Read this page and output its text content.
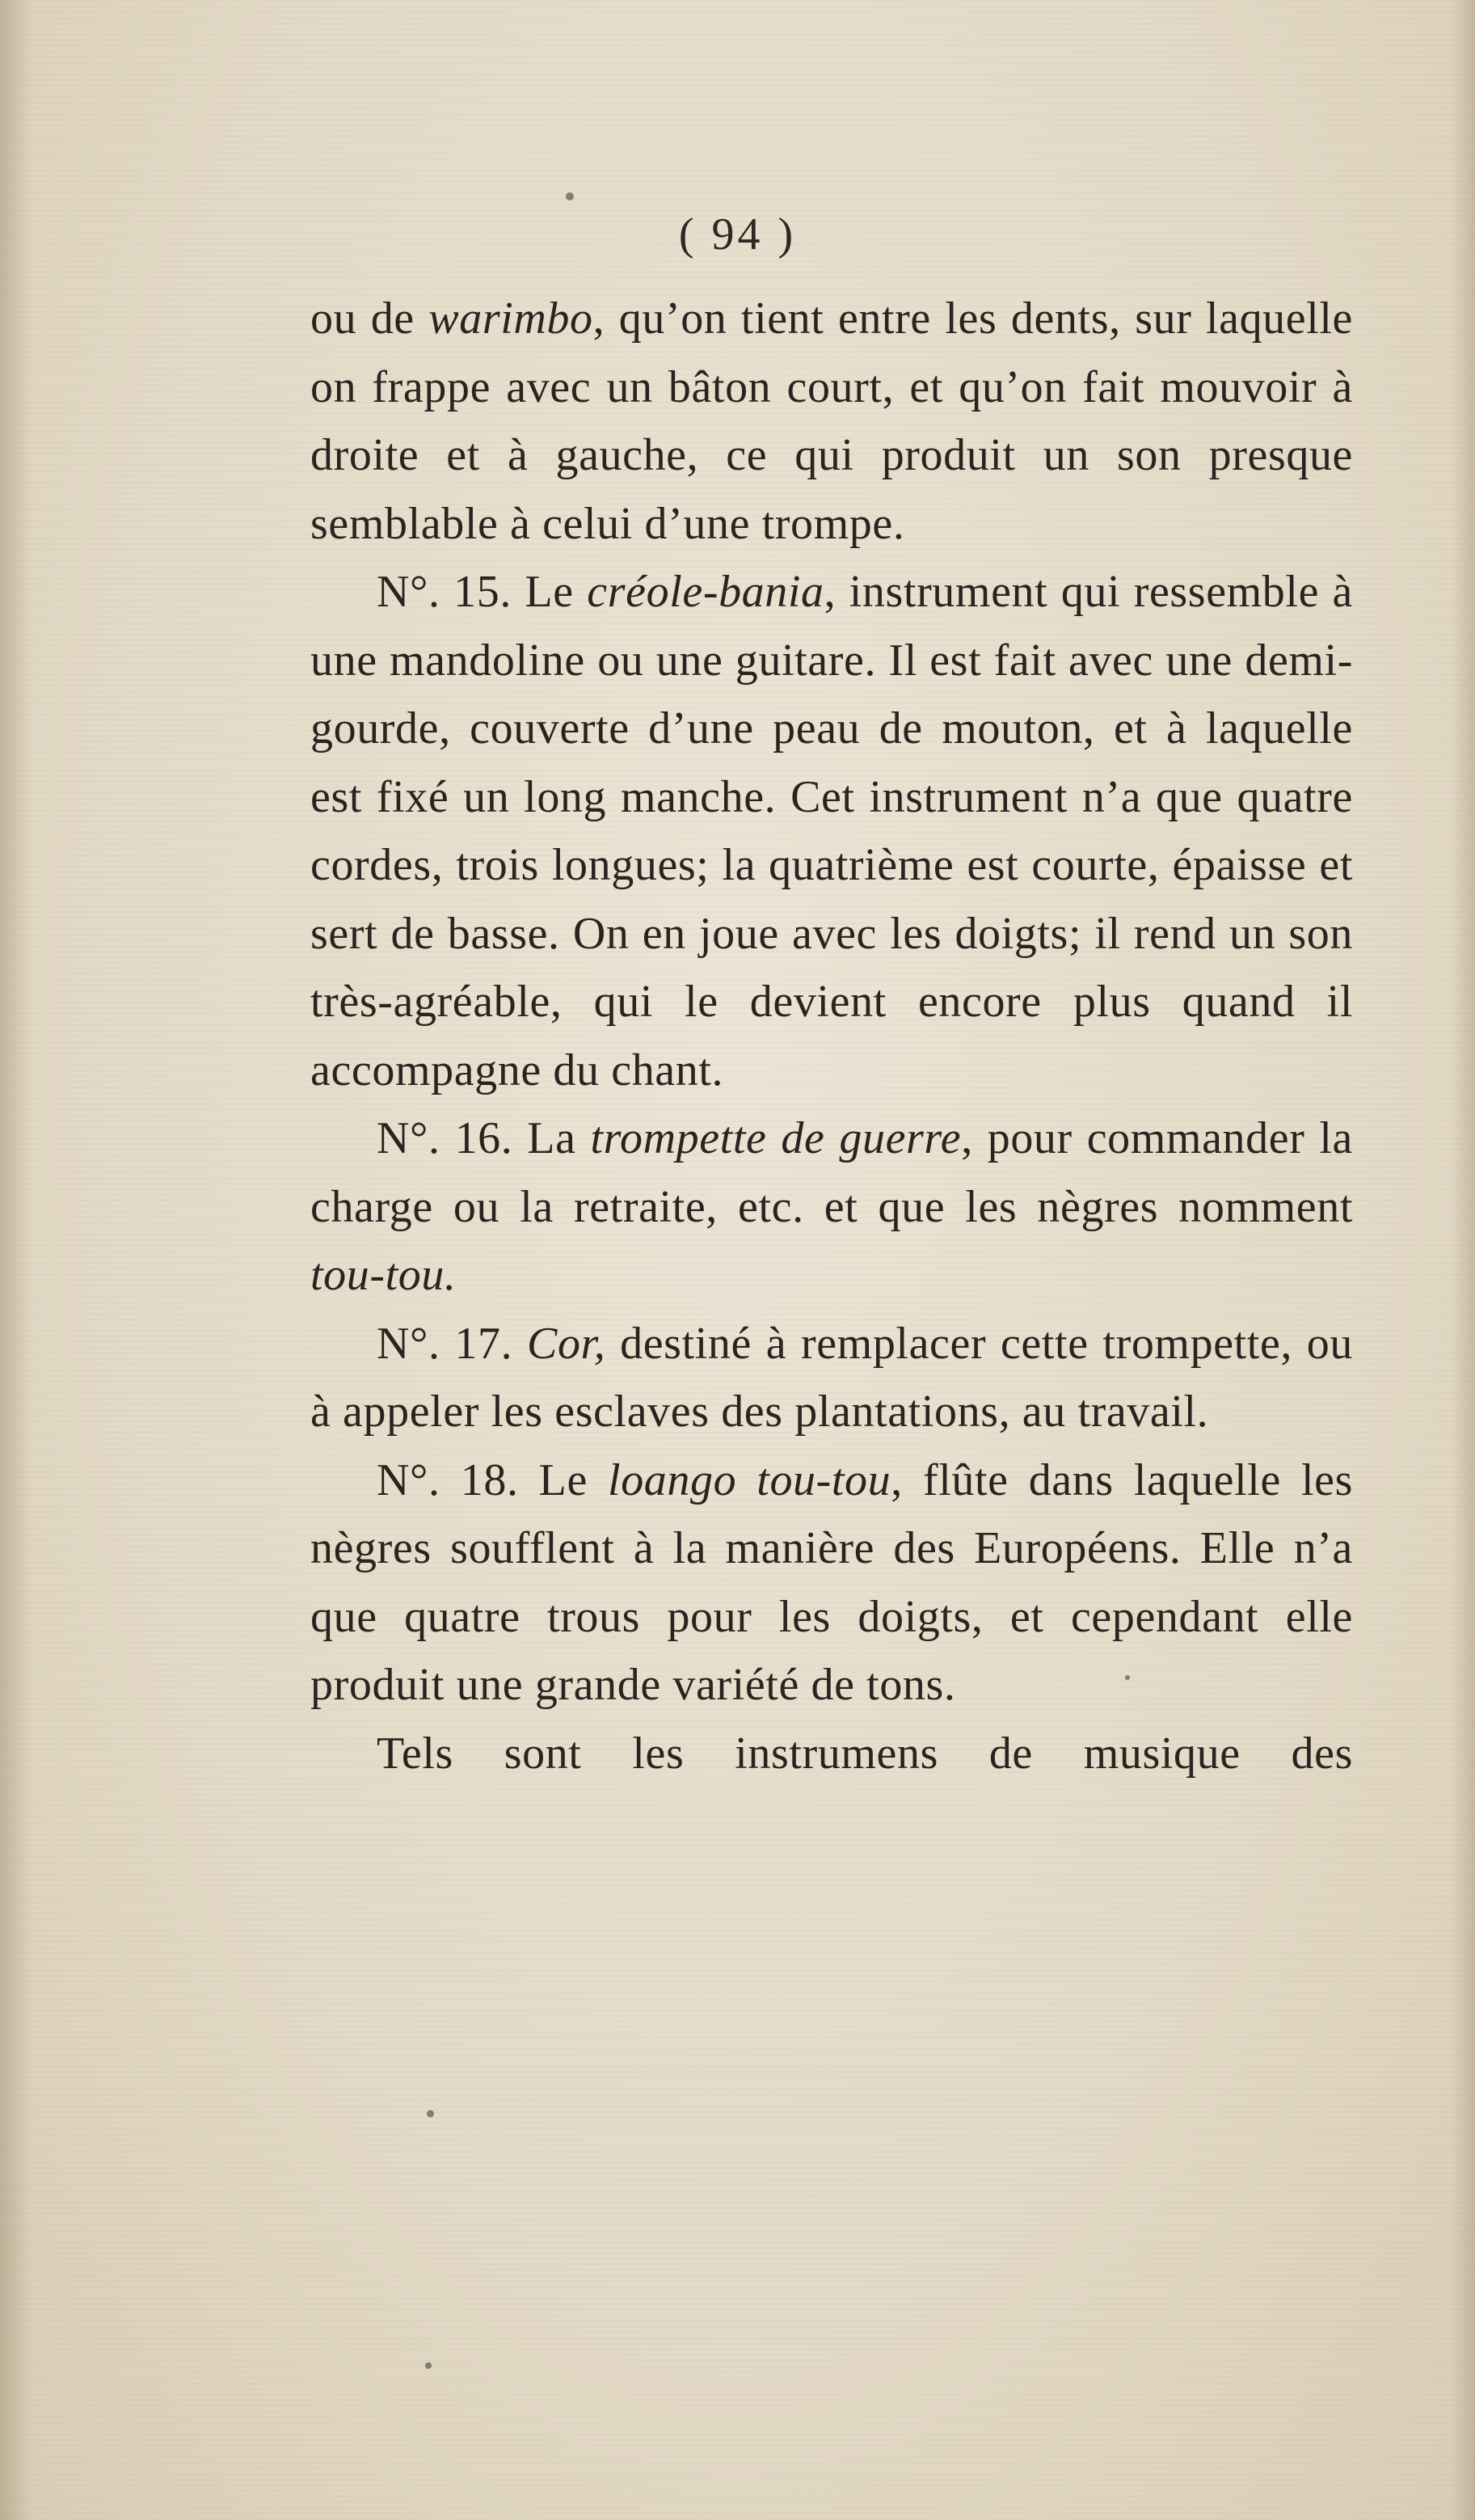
( 94 )

ou de warimbo, qu’on tient entre les dents, sur laquelle on frappe avec un bâton court, et qu’on fait mouvoir à droite et à gauche, ce qui produit un son presque semblable à celui d’une trompe.

N°. 15. Le créole-bania, instrument qui ressemble à une mandoline ou une guitare. Il est fait avec une demi-gourde, couverte d’une peau de mouton, et à laquelle est fixé un long manche. Cet instrument n’a que quatre cordes, trois longues; la quatrième est courte, épaisse et sert de basse. On en joue avec les doigts; il rend un son très-agréable, qui le devient encore plus quand il accompagne du chant.

N°. 16. La trompette de guerre, pour commander la charge ou la retraite, etc. et que les nègres nomment tou-tou.

N°. 17. Cor, destiné à remplacer cette trompette, ou à appeler les esclaves des plantations, au travail.

N°. 18. Le loango tou-tou, flûte dans laquelle les nègres soufflent à la manière des Européens. Elle n’a que quatre trous pour les doigts, et cependant elle produit une grande variété de tons.

Tels sont les instrumens de musique des
